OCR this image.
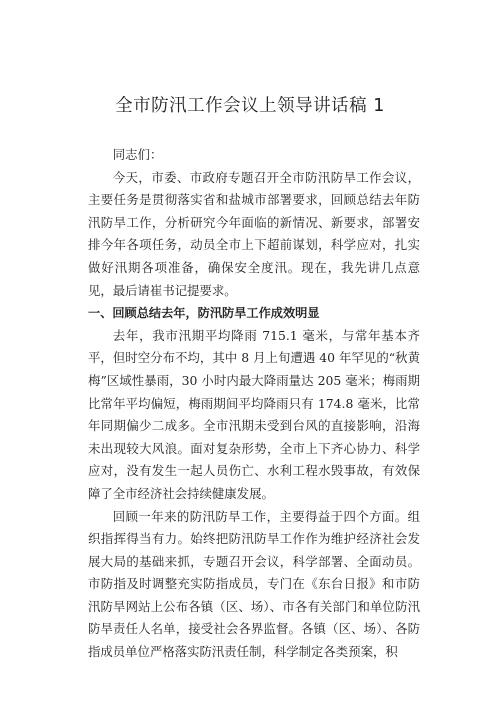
全市防汛工作会议上领导讲话稿 1

同志们：

今天，市委、市政府专题召开全市防汛防旱工作会议，主要任务是贯彻落实省和盐城市部署要求，回顾总结去年防汛防旱工作，分析研究今年面临的新情况、新要求，部署安排今年各项任务，动员全市上下超前谋划，科学应对，扎实做好汛期各项准备，确保安全度汛。现在，我先讲几点意见，最后请崔书记提要求。

一、回顾总结去年，防汛防旱工作成效明显

去年，我市汛期平均降雨 715.1 毫米，与常年基本齐平，但时空分布不均，其中 8 月上旬遭遇 40 年罕见的“秋黄梅”区域性暴雨，30 小时内最大降雨量达 205 毫米；梅雨期比常年平均偏短，梅雨期间平均降雨只有 174.8 毫米，比常年同期偏少二成多。全市汛期未受到台风的直接影响，沿海未出现较大风浪。面对复杂形势，全市上下齐心协力、科学应对，没有发生一起人员伤亡、水利工程水毁事故，有效保障了全市经济社会持续健康发展。

回顾一年来的防汛防旱工作，主要得益于四个方面。组织指挥得当有力。始终把防汛防旱工作作为维护经济社会发展大局的基础来抓，专题召开会议，科学部署、全面动员。市防指及时调整充实防指成员，专门在《东台日报》和市防汛防旱网站上公布各镇（区、场）、市各有关部门和单位防汛防旱责任人名单，接受社会各界监督。各镇（区、场）、各防指成员单位严格落实防汛责任制，科学制定各类预案，积
